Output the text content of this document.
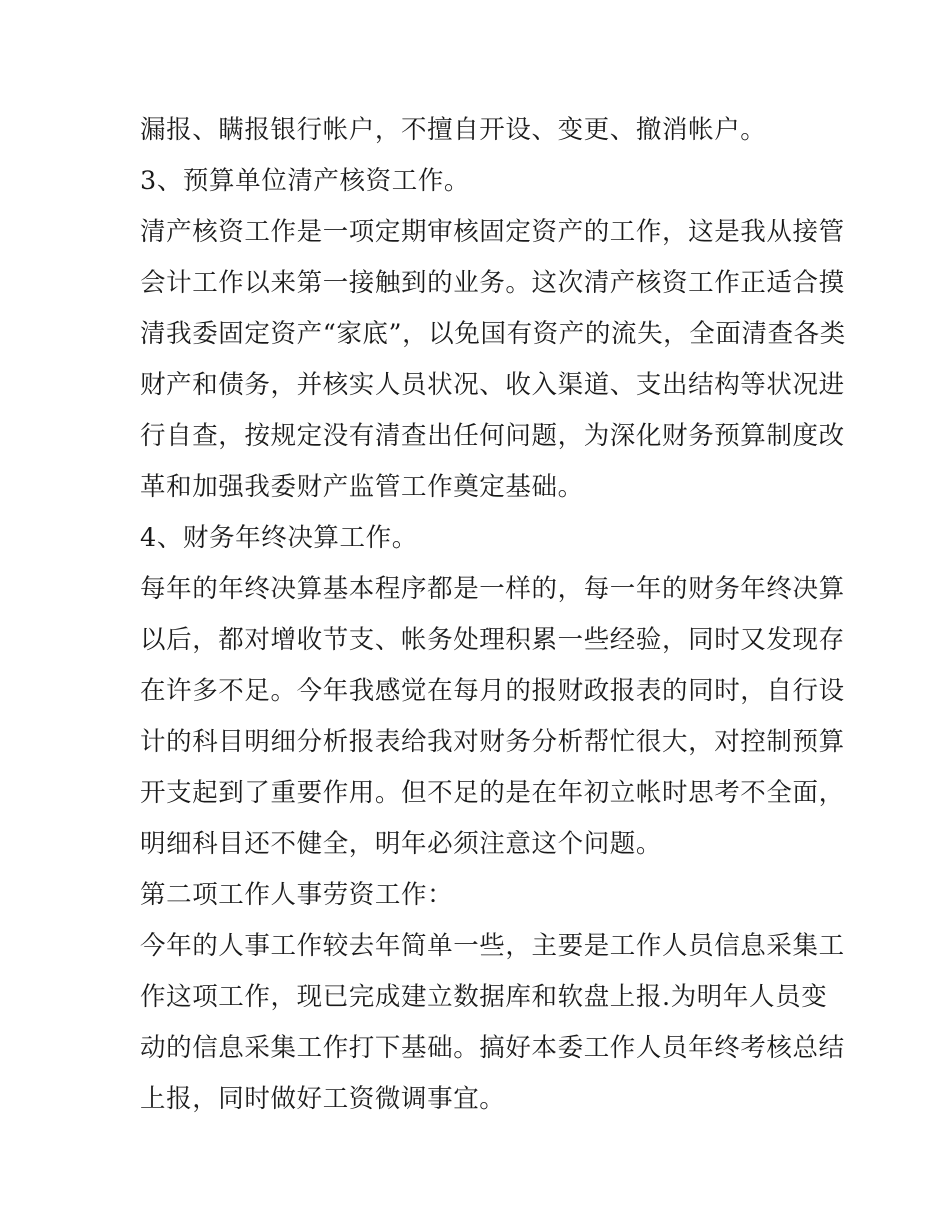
漏报、瞒报银行帐户，不擅自开设、变更、撤消帐户。
3、预算单位清产核资工作。
清产核资工作是一项定期审核固定资产的工作，这是我从接管
会计工作以来第一接触到的业务。这次清产核资工作正适合摸
清我委固定资产“家底”，以免国有资产的流失，全面清查各类
财产和债务，并核实人员状况、收入渠道、支出结构等状况进
行自查，按规定没有清查出任何问题，为深化财务预算制度改
革和加强我委财产监管工作奠定基础。
4、财务年终决算工作。
每年的年终决算基本程序都是一样的，每一年的财务年终决算
以后，都对增收节支、帐务处理积累一些经验，同时又发现存
在许多不足。今年我感觉在每月的报财政报表的同时，自行设
计的科目明细分析报表给我对财务分析帮忙很大，对控制预算
开支起到了重要作用。但不足的是在年初立帐时思考不全面，
明细科目还不健全，明年必须注意这个问题。
第二项工作人事劳资工作：
今年的人事工作较去年简单一些，主要是工作人员信息采集工
作这项工作，现已完成建立数据库和软盘上报.为明年人员变
动的信息采集工作打下基础。搞好本委工作人员年终考核总结
上报，同时做好工资微调事宜。
